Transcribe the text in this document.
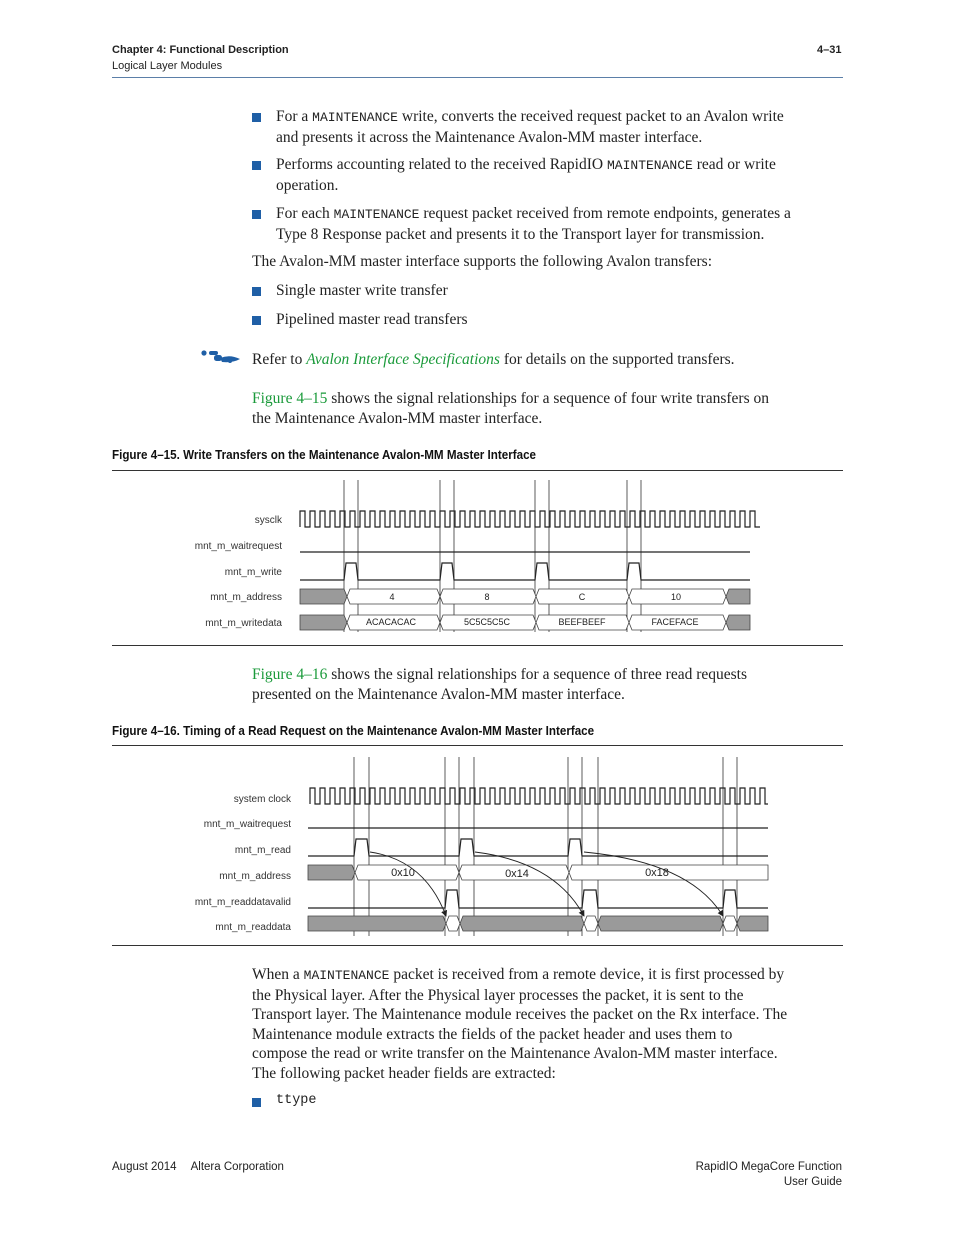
Chapter 4: Functional Description
Logical Layer Modules
4–31
For a MAINTENANCE write, converts the received request packet to an Avalon write
and presents it across the Maintenance Avalon-MM master interface.
Performs accounting related to the received RapidIO MAINTENANCE read or write
operation.
For each MAINTENANCE request packet received from remote endpoints, generates a
Type 8 Response packet and presents it to the Transport layer for transmission.
The Avalon-MM master interface supports the following Avalon transfers:
Single master write transfer
Pipelined master read transfers
Refer to Avalon Interface Specifications for details on the supported transfers.
Figure 4–15 shows the signal relationships for a sequence of four write transfers on
the Maintenance Avalon-MM master interface.
Figure 4–15. Write Transfers on the Maintenance Avalon-MM Master Interface
sysclk
mnt_m_waitrequest
mnt_m_write
mnt_m_address
mnt_m_writedata
4	8	C	10
ACACACAC	5C5C5C5C	BEEFBEEF	FACEFACE
Figure 4–16 shows the signal relationships for a sequence of three read requests
presented on the Maintenance Avalon-MM master interface.
Figure 4–16. Timing of a Read Request on the Maintenance Avalon-MM Master Interface
system clock
mnt_m_waitrequest
mnt_m_read
mnt_m_address
mnt_m_readdatavalid
mnt_m_readdata
0x10	0x14	0x18
When a MAINTENANCE packet is received from a remote device, it is first processed by
the Physical layer. After the Physical layer processes the packet, it is sent to the
Transport layer. The Maintenance module receives the packet on the Rx interface. The
Maintenance module extracts the fields of the packet header and uses them to
compose the read or write transfer on the Maintenance Avalon-MM master interface.
The following packet header fields are extracted:
ttype
August 2014 Altera Corporation	RapidIO MegaCore Function
User Guide
